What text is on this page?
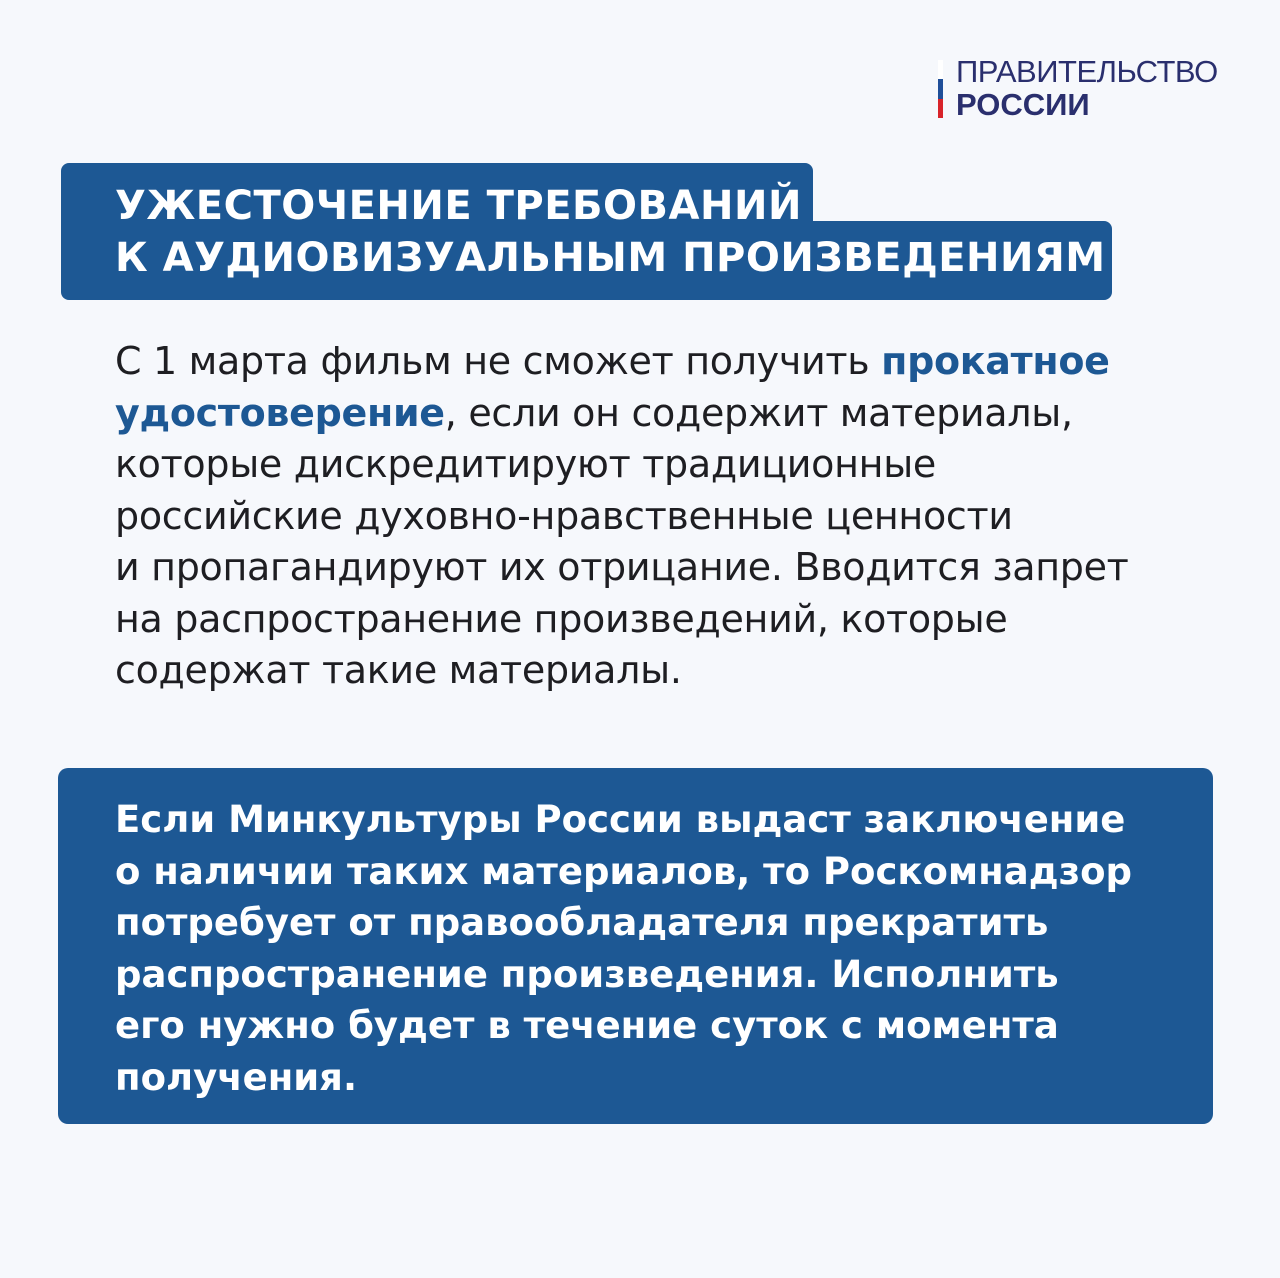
ПРАВИТЕЛЬСТВО
РОССИИ
УЖЕСТОЧЕНИЕ ТРЕБОВАНИЙ
К АУДИОВИЗУАЛЬНЫМ ПРОИЗВЕДЕНИЯМ
С 1 марта фильм не сможет получить прокатное
удостоверение, если он содержит материалы,
которые дискредитируют традиционные
российские духовно-нравственные ценности
и пропагандируют их отрицание. Вводится запрет
на распространение произведений, которые
содержат такие материалы.
Если Минкультуры России выдаст заключение
о наличии таких материалов, то Роскомнадзор
потребует от правообладателя прекратить
распространение произведения. Исполнить
его нужно будет в течение суток с момента
получения.
